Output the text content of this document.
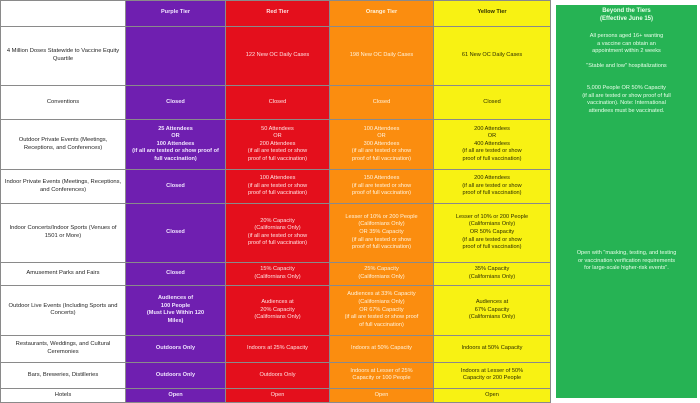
	Purple Tier	Red Tier	Orange Tier	Yellow Tier
4 Million Doses Statewide to Vaccine Equity Quartile		122 New OC Daily Cases	198 New OC Daily Cases	61 New OC Daily Cases

Conventions	Closed	Closed	Closed	Closed

Outdoor Private Events (Meetings, Receptions, and Conferences)	25 Attendees
OR
100 Attendees
(if all are tested or show proof of full vaccination)	50 Attendees
OR
200 Attendees
(if all are tested or show
proof of full vaccination)	100 Attendees
OR
300 Attendees
(if all are tested or show
proof of full vaccination)	200 Attendees
OR
400 Attendees
(if all are tested or show
proof of full vaccination)

Indoor Private Events (Meetings, Receptions, and Conferences)	Closed	100 Attendees
(if all are tested or show
proof of full vaccination)	150 Attendees
(if all are tested or show
proof of full vaccination)	200 Attendees
(if all are tested or show
proof of full vaccination)

Indoor Concerts/Indoor Sports (Venues of 1501 or More)	Closed	20% Capacity
(Californians Only)
(if all are tested or show
proof of full vaccination)	Lesser of 10% or 200 People
(Californians Only)
OR 35% Capacity
(if all are tested or show
proof of full vaccination)	Lesser of 10% or 200 People
(Californians Only)
OR 50% Capacity
(if all are tested or show
proof of full vaccination)

Amusement Parks and Fairs	Closed	15% Capacity
(Californians Only)	25% Capacity
(Californians Only)	35% Capacity
(Californians Only)

Outdoor Live Events (Including Sports and Concerts)	Audiences of
100 People
(Must Live Within 120
Miles)	Audiences at
20% Capacity
(Californians Only)	Audiences at 33% Capacity
(Californians Only)
OR 67% Capacity
(if all are tested or show proof
of full vaccination)	Audiences at
67% Capacity
(Californians Only)

Restaurants, Weddings, and Cultural Ceremonies	Outdoors Only	Indoors at 25% Capacity	Indoors at 50% Capacity	Indoors at 50% Capacity

Bars, Breweries, Distilleries	Outdoors Only	Outdoors Only	Indoors at Lesser of 25%
Capacity or 100 People	Indoors at Lesser of 50%
Capacity or 200 People

Hotels	Open	Open	Open	Open
Beyond the Tiers
(Effective June 15)
All persons aged 16+ wanting
a vaccine can obtain an
appointment within 2 weeks

"Stable and low" hospitalizations
5,000 People OR 50% Capacity
(if all are tested or show proof of full
vaccination). Note: International
attendees must be vaccinated.
Open with "masking, testing, and testing
or vaccination verification requirements
for large-scale higher-risk events".
